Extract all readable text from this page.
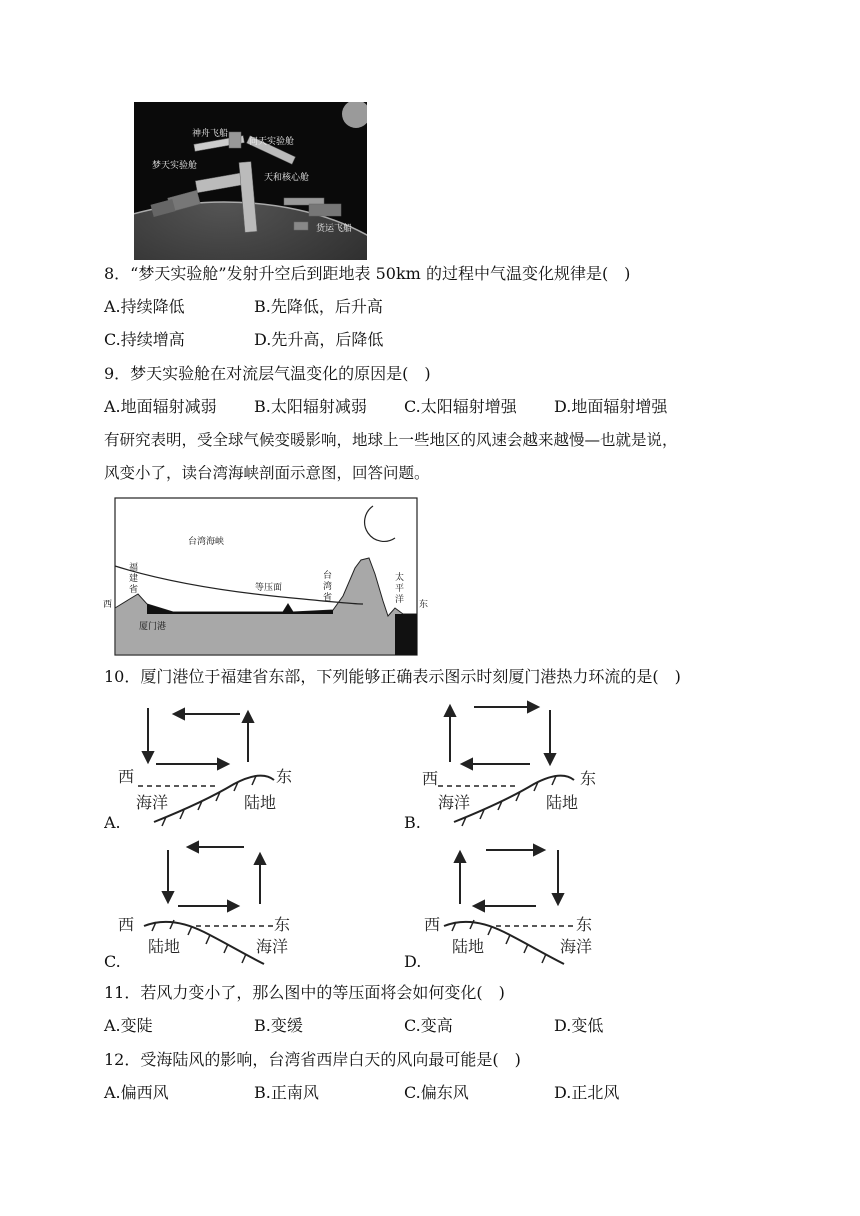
神舟飞船
问天实验舱
梦天实验舱
天和核心舱
货运飞船
8．“梦天实验舱”发射升空后到距地表 50km 的过程中气温变化规律是(　)
A.持续降低	B.先降低，后升高
C.持续增高	D.先升高，后降低
9．梦天实验舱在对流层气温变化的原因是(　)
A.地面辐射减弱 B.太阳辐射减弱 C.太阳辐射增强 D.地面辐射增强
有研究表明，受全球气候变暖影响，地球上一些地区的风速会越来越慢—也就是说，
风变小了，读台湾海峡剖面示意图，回答问题。
台湾海峡
福
建
省
台
湾
省
太
平
洋
等压面
厦门港
西	东
10．厦门港位于福建省东部，下列能够正确表示图示时刻厦门港热力环流的是(　)
西	东
海洋	陆地
A.
西	东
海洋	陆地
B.
西	东
陆地	海洋
C.
西	东
陆地	海洋
D.
11．若风力变小了，那么图中的等压面将会如何变化(　)
A.变陡	B.变缓	C.变高	D.变低
12．受海陆风的影响，台湾省西岸白天的风向最可能是(　)
A.偏西风	B.正南风	C.偏东风	D.正北风
